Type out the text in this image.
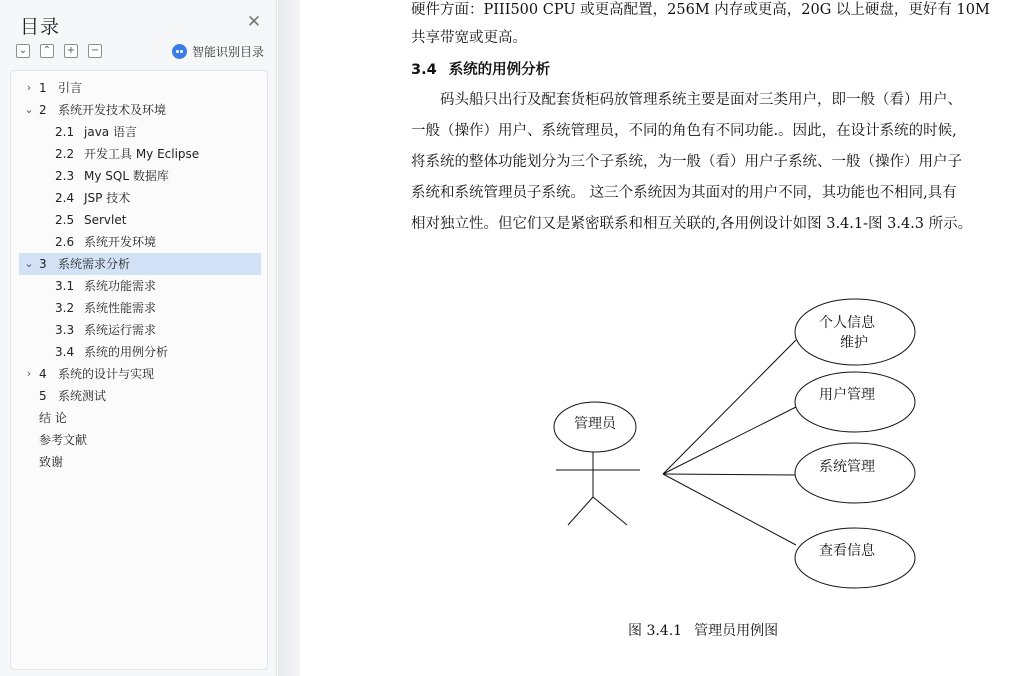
目录	✕
⌄ ⌃ + −	智能识别目录
› 1 引言
⌄ 2 系统开发技术及环境
2.1 java 语言
2.2 开发工具 My Eclipse
2.3 My SQL 数据库
2.4 JSP 技术
2.5 Servlet
2.6 系统开发环境
⌄ 3 系统需求分析
3.1 系统功能需求
3.2 系统性能需求
3.3 系统运行需求
3.4 系统的用例分析
› 4 系统的设计与实现
5 系统测试
结 论
参考文献
致谢
硬件方面：PIII500 CPU 或更高配置，256M 内存或更高，20G 以上硬盘，更好有 10M
共享带宽或更高。
3.4 系统的用例分析
　　码头船只出行及配套货柜码放管理系统主要是面对三类用户，即一般（看）用户、
一般（操作）用户、系统管理员，不同的角色有不同功能.。因此，在设计系统的时候,
将系统的整体功能划分为三个子系统，为一般（看）用户子系统、一般（操作）用户子
系统和系统管理员子系统。 这三个系统因为其面对的用户不同，其功能也不相同,具有
相对独立性。但它们又是紧密联系和相互关联的,各用例设计如图 3.4.1-图 3.4.3 所示。
管理员
个人信息
维护
用户管理
系统管理
查看信息
图 3.4.1 管理员用例图
